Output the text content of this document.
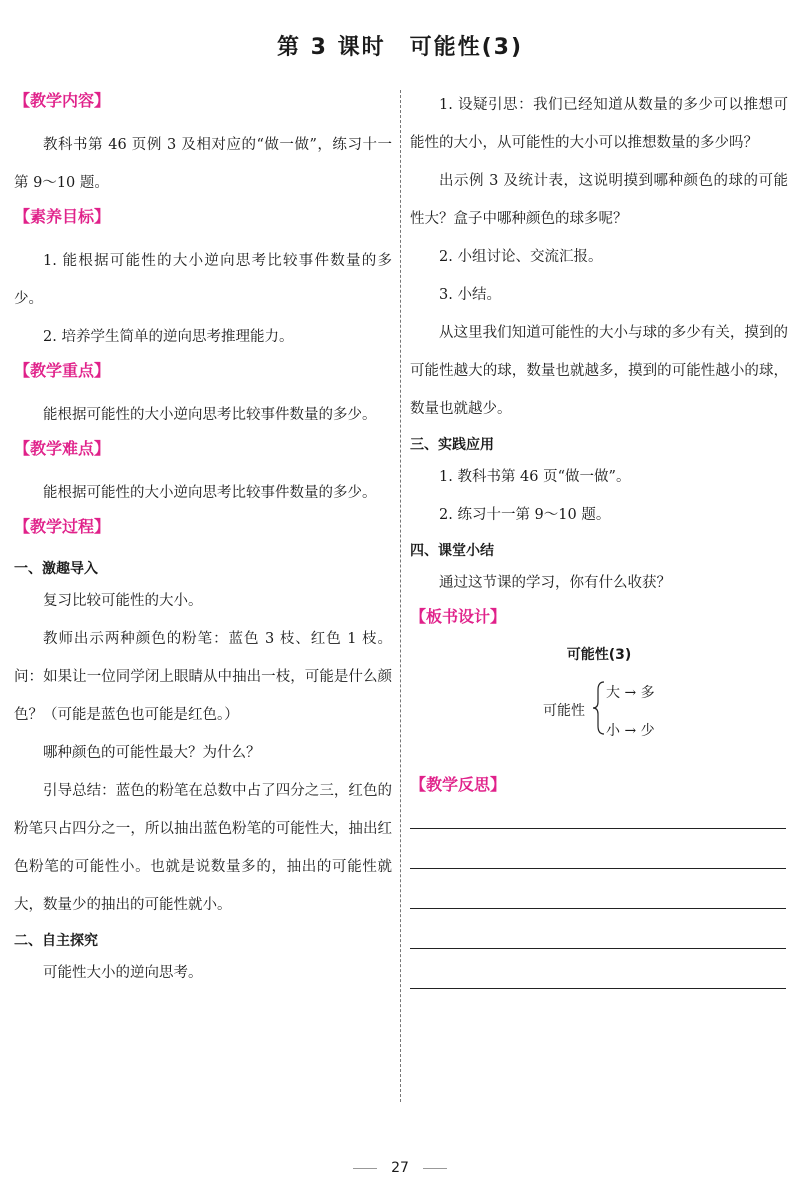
第 3 课时　可能性(3)
【教学内容】

教科书第 46 页例 3 及相对应的“做一做”，练习十一第 9～10 题。

【素养目标】

1. 能根据可能性的大小逆向思考比较事件数量的多少。

2. 培养学生简单的逆向思考推理能力。

【教学重点】

能根据可能性的大小逆向思考比较事件数量的多少。

【教学难点】

能根据可能性的大小逆向思考比较事件数量的多少。

【教学过程】
一、激趣导入

复习比较可能性的大小。

教师出示两种颜色的粉笔：蓝色 3 枝、红色 1 枝。问：如果让一位同学闭上眼睛从中抽出一枝，可能是什么颜色？（可能是蓝色也可能是红色。）

哪种颜色的可能性最大？为什么？

引导总结：蓝色的粉笔在总数中占了四分之三，红色的粉笔只占四分之一，所以抽出蓝色粉笔的可能性大，抽出红色粉笔的可能性小。也就是说数量多的，抽出的可能性就大，数量少的抽出的可能性就小。

二、自主探究

可能性大小的逆向思考。

1. 设疑引思：我们已经知道从数量的多少可以推想可能性的大小，从可能性的大小可以推想数量的多少吗？

出示例 3 及统计表，这说明摸到哪种颜色的球的可能性大？盒子中哪种颜色的球多呢？

2. 小组讨论、交流汇报。

3. 小结。

从这里我们知道可能性的大小与球的多少有关，摸到的可能性越大的球，数量也就越多，摸到的可能性越小的球，数量也就越少。

三、实践应用

1. 教科书第 46 页“做一做”。

2. 练习十一第 9～10 题。

四、课堂小结

通过这节课的学习，你有什么收获？

【板书设计】
可能性(3)
可能性
大 → 多
小 → 少
【教学反思】
27
